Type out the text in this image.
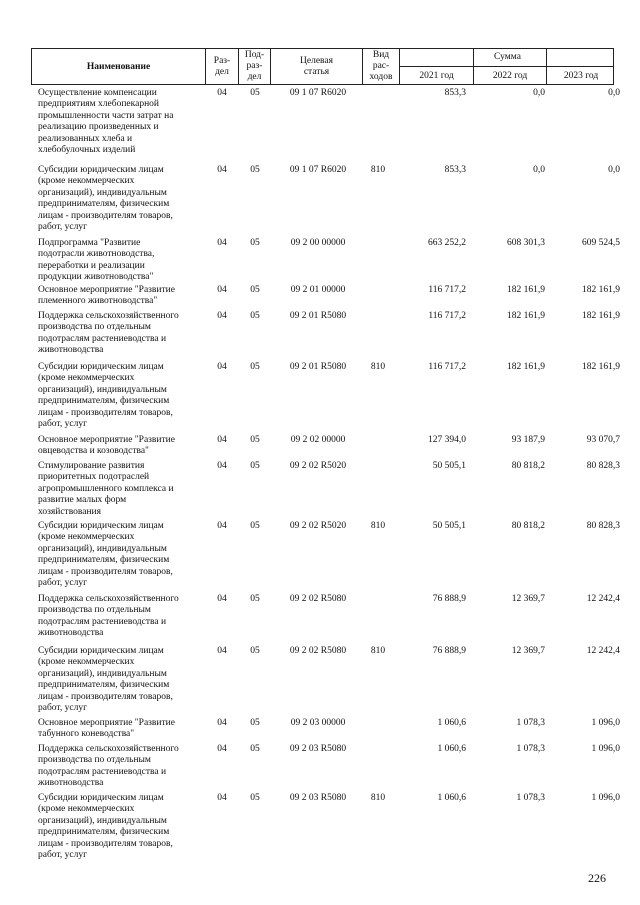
Наименование
Раз-
дел
Под-
раз-
дел
Целевая
статья
Вид
рас-
ходов
Сумма
2021 год	2022 год	2023 год
Осуществление компенсации
предприятиям хлебопекарной
промышленности части затрат на
реализацию произведенных и
реализованных хлеба и
хлебобулочных изделий
04	05	09 1 07 R6020	853,3	0,0	0,0
Субсидии юридическим лицам
(кроме некоммерческих
организаций), индивидуальным
предпринимателям, физическим
лицам - производителям товаров,
работ, услуг
04	05	09 1 07 R6020	810	853,3	0,0	0,0
Подпрограмма "Развитие
подотрасли животноводства,
переработки и реализации
продукции животноводства"
04	05	09 2 00 00000	663 252,2	608 301,3	609 524,5
Основное мероприятие "Развитие
племенного животноводства"
04	05	09 2 01 00000	116 717,2	182 161,9	182 161,9
Поддержка сельскохозяйственного
производства по отдельным
подотраслям растениеводства и
животноводства
04	05	09 2 01 R5080	116 717,2	182 161,9	182 161,9
Субсидии юридическим лицам
(кроме некоммерческих
организаций), индивидуальным
предпринимателям, физическим
лицам - производителям товаров,
работ, услуг
04	05	09 2 01 R5080	810	116 717,2	182 161,9	182 161,9
Основное мероприятие "Развитие
овцеводства и козоводства"
04	05	09 2 02 00000	127 394,0	93 187,9	93 070,7
Стимулирование развития
приоритетных подотраслей
агропромышленного комплекса и
развитие малых форм
хозяйствования
04	05	09 2 02 R5020	50 505,1	80 818,2	80 828,3
Субсидии юридическим лицам
(кроме некоммерческих
организаций), индивидуальным
предпринимателям, физическим
лицам - производителям товаров,
работ, услуг
04	05	09 2 02 R5020	810	50 505,1	80 818,2	80 828,3
Поддержка сельскохозяйственного
производства по отдельным
подотраслям растениеводства и
животноводства
04	05	09 2 02 R5080	76 888,9	12 369,7	12 242,4
Субсидии юридическим лицам
(кроме некоммерческих
организаций), индивидуальным
предпринимателям, физическим
лицам - производителям товаров,
работ, услуг
04	05	09 2 02 R5080	810	76 888,9	12 369,7	12 242,4
Основное мероприятие "Развитие
табунного коневодства"
04	05	09 2 03 00000	1 060,6	1 078,3	1 096,0
Поддержка сельскохозяйственного
производства по отдельным
подотраслям растениеводства и
животноводства
04	05	09 2 03 R5080	1 060,6	1 078,3	1 096,0
Субсидии юридическим лицам
(кроме некоммерческих
организаций), индивидуальным
предпринимателям, физическим
лицам - производителям товаров,
работ, услуг
04	05	09 2 03 R5080	810	1 060,6	1 078,3	1 096,0
226
